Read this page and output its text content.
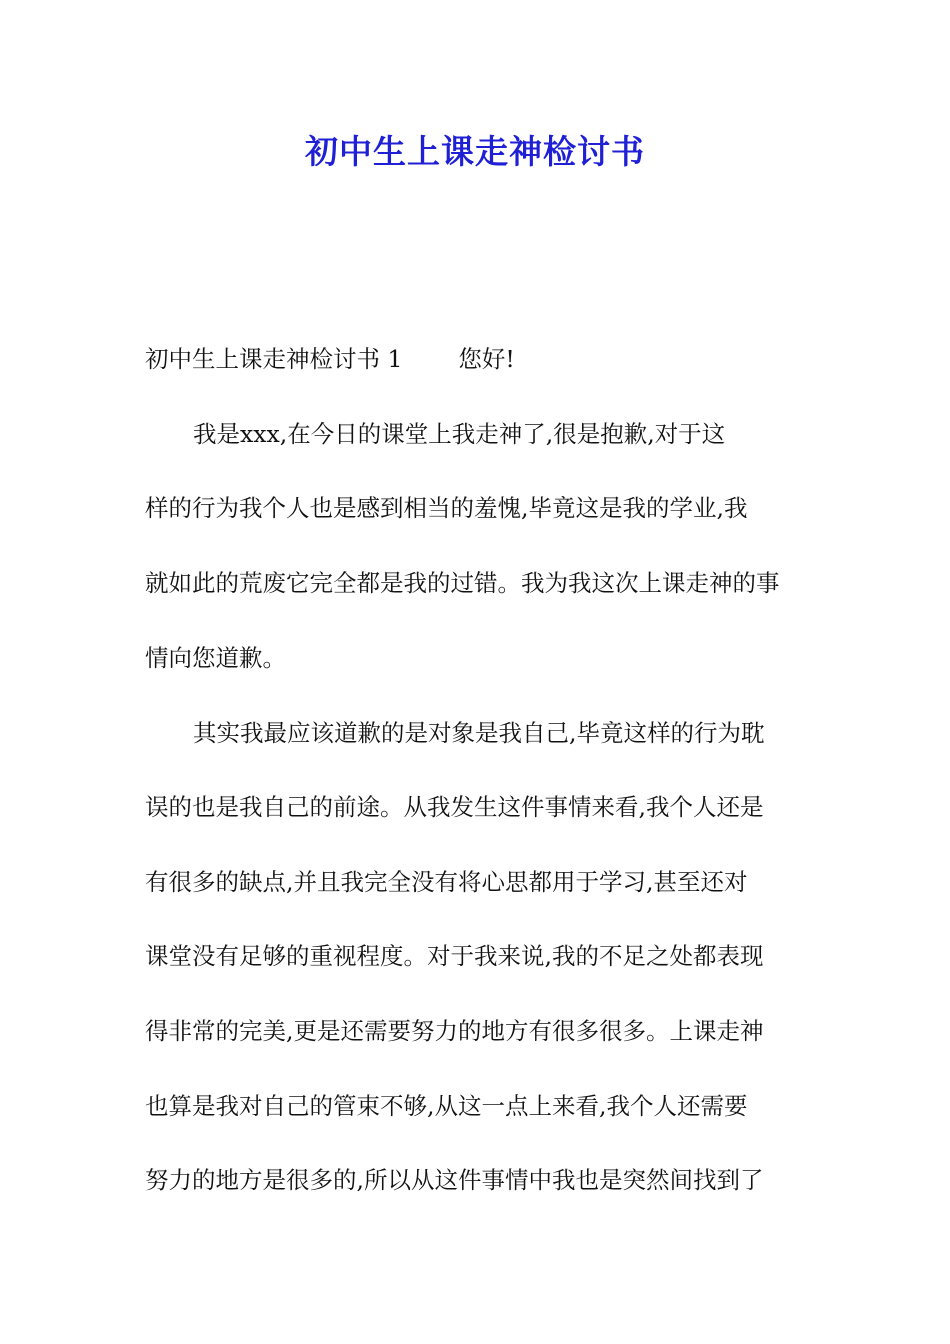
初中生上课走神检讨书

初中生上课走神检讨书 1 您好!

我是xxx,在今日的课堂上我走神了,很是抱歉,对于这

样的行为我个人也是感到相当的羞愧,毕竟这是我的学业,我

就如此的荒废它完全都是我的过错。我为我这次上课走神的事

情向您道歉。

其实我最应该道歉的是对象是我自己,毕竟这样的行为耽

误的也是我自己的前途。从我发生这件事情来看,我个人还是

有很多的缺点,并且我完全没有将心思都用于学习,甚至还对

课堂没有足够的重视程度。对于我来说,我的不足之处都表现

得非常的完美,更是还需要努力的地方有很多很多。上课走神

也算是我对自己的管束不够,从这一点上来看,我个人还需要

努力的地方是很多的,所以从这件事情中我也是突然间找到了
